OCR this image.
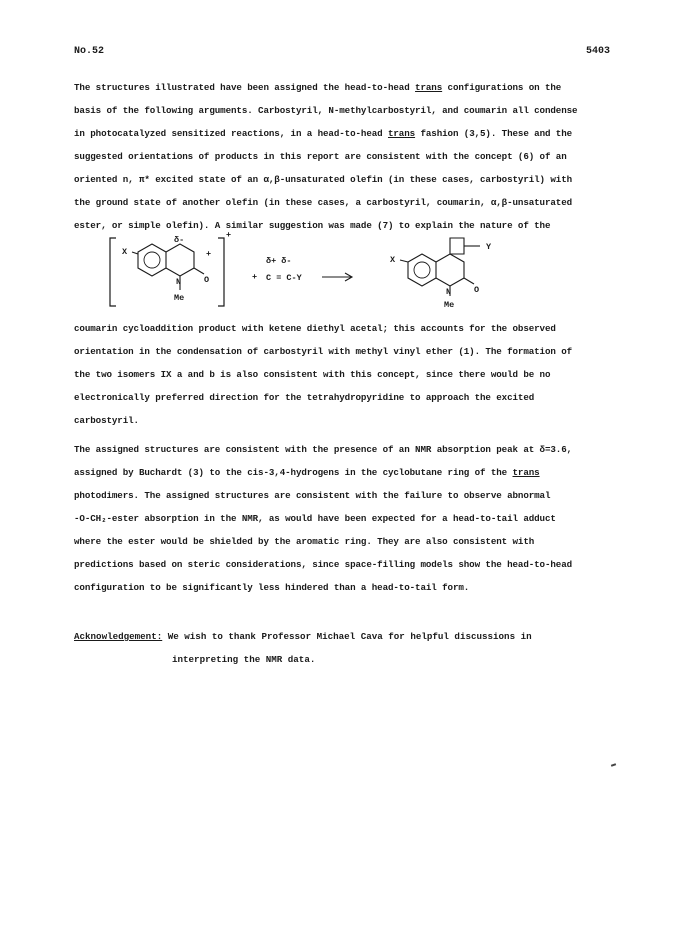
No.52	5403
The structures illustrated have been assigned the head-to-head trans configurations on the
basis of the following arguments. Carbostyril, N-methylcarbostyril, and coumarin all condense
in photocatalyzed sensitized reactions, in a head-to-head trans fashion (3,5). These and the
suggested orientations of products in this report are consistent with the concept (6) of an
oriented n, π* excited state of an α,β-unsaturated olefin (in these cases, carbostyril) with
the ground state of another olefin (in these cases, a carbostyril, coumarin, α,β-unsaturated
ester, or simple olefin). A similar suggestion was made (7) to explain the nature of the
+
X
δ-
+
N	O
Me
+
δ+ δ-
C = C-Y
X
Y
N	O
Me
coumarin cycloaddition product with ketene diethyl acetal; this accounts for the observed
orientation in the condensation of carbostyril with methyl vinyl ether (1). The formation of
the two isomers IX a and b is also consistent with this concept, since there would be no
electronically preferred direction for the tetrahydropyridine to approach the excited
carbostyril.
The assigned structures are consistent with the presence of an NMR absorption peak at δ=3.6,
assigned by Buchardt (3) to the cis-3,4-hydrogens in the cyclobutane ring of the trans
photodimers. The assigned structures are consistent with the failure to observe abnormal
-O-CH₂-ester absorption in the NMR, as would have been expected for a head-to-tail adduct
where the ester would be shielded by the aromatic ring. They are also consistent with
predictions based on steric considerations, since space-filling models show the head-to-head
configuration to be significantly less hindered than a head-to-tail form.
Acknowledgement: We wish to thank Professor Michael Cava for helpful discussions in
interpreting the NMR data.
